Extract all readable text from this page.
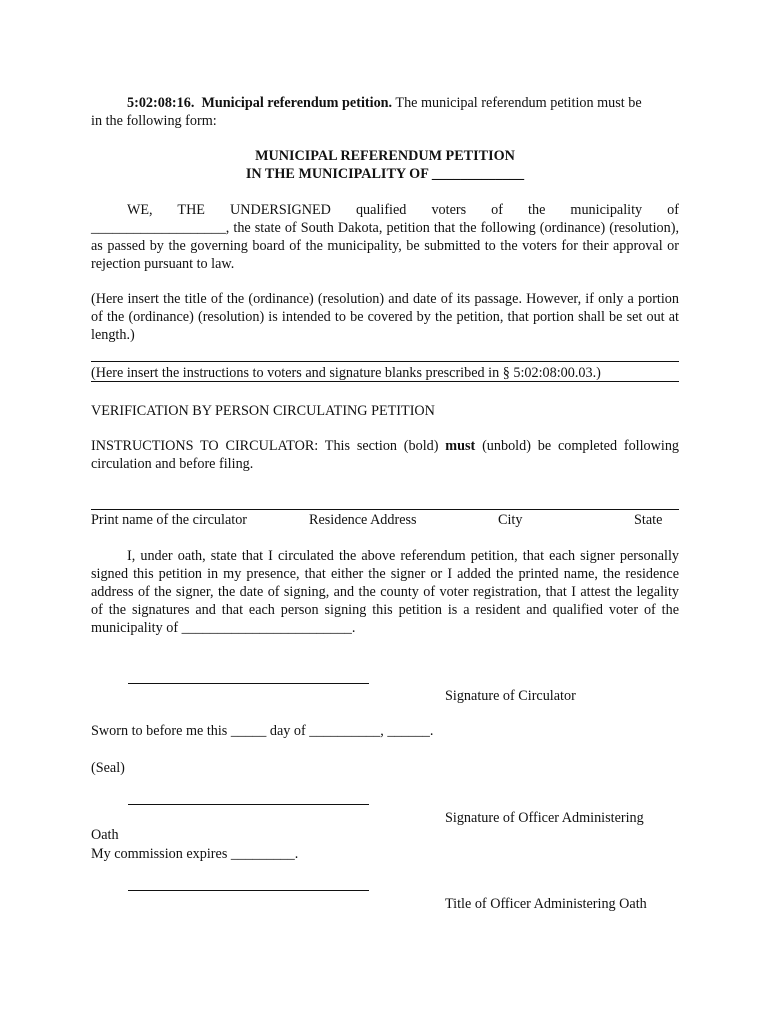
5:02:08:16. Municipal referendum petition. The municipal referendum petition must be
in the following form:
MUNICIPAL REFERENDUM PETITION
IN THE MUNICIPALITY OF _____________
WE, THE UNDERSIGNED qualified voters of the municipality of
___________________, the state of South Dakota, petition that the following (ordinance) (resolution), as passed by the governing board of the municipality, be submitted to the voters for their approval or rejection pursuant to law.
(Here insert the title of the (ordinance) (resolution) and date of its passage. However, if only a portion of the (ordinance) (resolution) is intended to be covered by the petition, that portion shall be set out at length.)
(Here insert the instructions to voters and signature blanks prescribed in § 5:02:08:00.03.)
VERIFICATION BY PERSON CIRCULATING PETITION
INSTRUCTIONS TO CIRCULATOR: This section (bold) must (unbold) be completed following circulation and before filing.
Print name of the circulator	Residence Address	City	State
I, under oath, state that I circulated the above referendum petition, that each signer personally signed this petition in my presence, that either the signer or I added the printed name, the residence address of the signer, the date of signing, and the county of voter registration, that I attest the legality of the signatures and that each person signing this petition is a resident and qualified voter of the municipality of ________________________.
Signature of Circulator
Sworn to before me this _____ day of __________, ______.
(Seal)
Signature of Officer Administering
Oath
My commission expires _________.
Title of Officer Administering Oath
